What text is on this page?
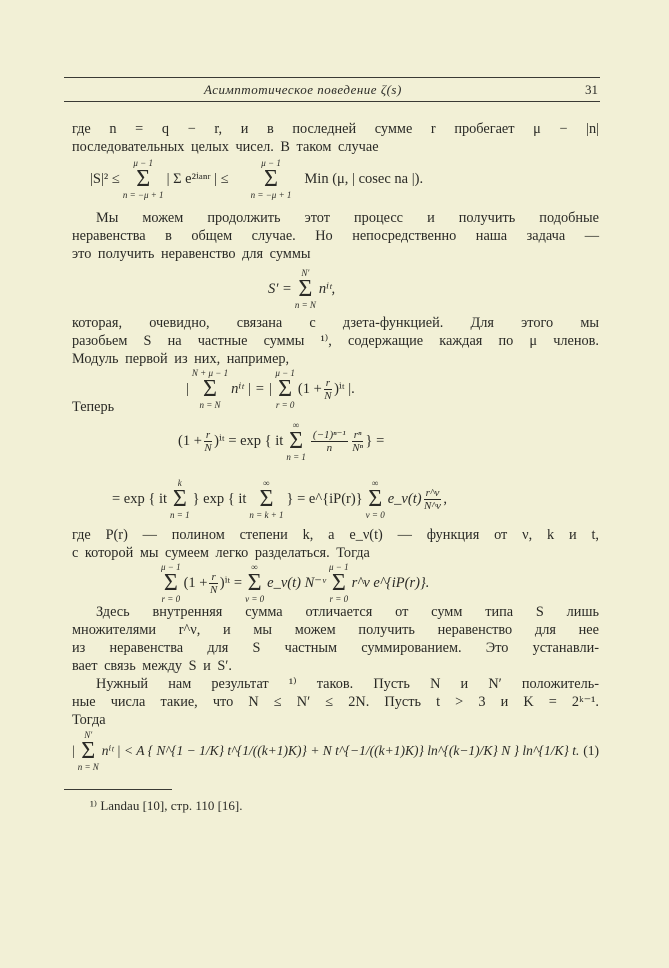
Асимптотическое поведение ζ(s)	31
где n = q − r, и в последней сумме r пробегает μ − |n|
последовательных целых чисел. В таком случае
|S|² ≤
μ − 1
Σ
n = −μ + 1
| Σ e²ⁱᵃⁿʳ | ≤
μ − 1
Σ
n = −μ + 1
Min (μ, | cosec na |).
Мы можем продолжить этот процесс и получить подобные
неравенства в общем случае. Но непосредственно наша задача —
это получить неравенство для суммы
S′ =
N′
Σ
n = N
nⁱᵗ,
которая, очевидно, связана с дзета-функцией. Для этого мы
разобьем S на частные суммы ¹⁾, содержащие каждая по μ членов.
Модуль первой из них, например,
|
N + μ − 1
Σ
n = N
nⁱᵗ | = |
μ − 1
Σ
r = 0
($1 + \frac{r}{N}$ )ⁱᵗ |.
Теперь
($1 + \frac{r}{N}$ )ⁱᵗ = exp { it
∞
Σ
n = 1
$\frac{\text{(−1)ⁿ⁻¹}}{n} \frac{\text{rⁿ}}{\text{Nⁿ}}$ } =
= exp { it
k
Σ
n = 1
} exp { it
∞
Σ
n = k + 1
} = e^{iP(r)}
∞
Σ
ν = 0
e_ν(t) $\frac{r\^{}\nu}{N\^{}\nu}$ ,
где P(r) — полином степени k, а e_ν(t) — функция от ν, k и t,
с которой мы сумеем легко разделаться. Тогда
μ − 1
Σ
r = 0
($1 + \frac{r}{N}$ )ⁱᵗ =
∞
Σ
ν = 0
e_ν(t) N⁻ᵛ
μ − 1
Σ
r = 0
r^ν e^{iP(r)}.
Здесь внутренняя сумма отличается от сумм типа S лишь
множителями r^ν, и мы можем получить неравенство для нее
из неравенства для S частным суммированием. Это устанавли-
вает связь между S и S′.
Нужный нам результат ¹⁾ таков. Пусть N и N′ положитель-
ные числа такие, что N ≤ N′ ≤ 2N. Пусть t > 3 и K = 2ᵏ⁻¹.
Тогда
|
N′
Σ
n = N
nⁱᵗ | < A { N^{1 − 1/K} t^{1/((k+1)K)} + N t^{−1/((k+1)K)} ln^{(k−1)/K} N } ln^{1/K} t. (1)
¹⁾ Landau [10], стр. 110 [16].
